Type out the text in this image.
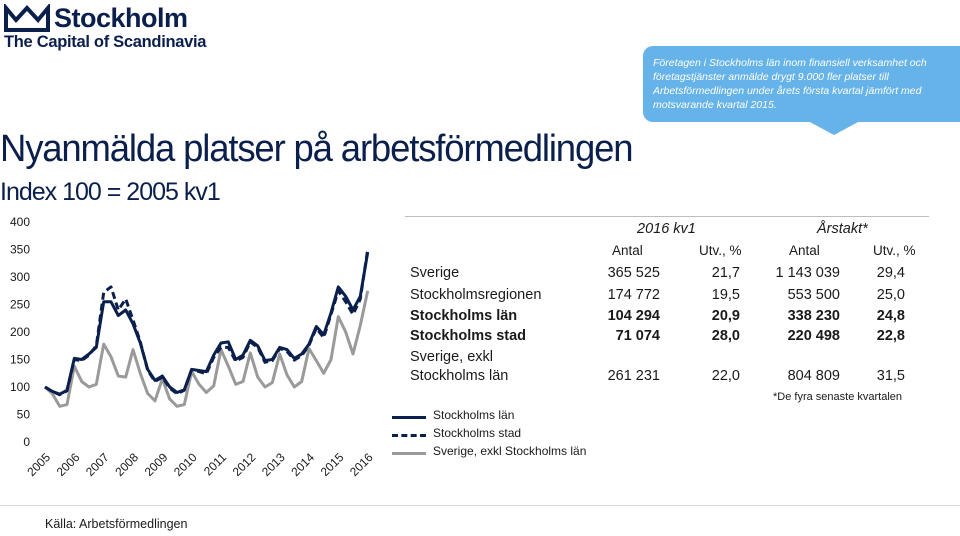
Stockholm
The Capital of Scandinavia
Företagen i Stockholms län inom finansiell verksamhet och företagstjänster anmälde drygt 9.000 fler platser till Arbetsförmedlingen under årets första kvartal jämfört med motsvarande kvartal 2015.
Nyanmälda platser på arbetsförmedlingen
Index 100 = 2005 kv1
0
50
100
150
200
250
300
350
400
2005 2006 2007 2008 2009 2010 2011 2012 2013 2014 2015 2016
Stockholms län
Stockholms stad
Sverige, exkl Stockholms län
2016 kv1	Årstakt*
Antal	Utv., %	Antal	Utv., %
Sverige	365 525	21,7	1 143 039	29,4
Stockholmsregionen	174 772	19,5	553 500	25,0
Stockholms län	104 294	20,9	338 230	24,8
Stockholms stad	71 074	28,0	220 498	22,8
Sverige, exkl
Stockholms län	261 231	22,0	804 809	31,5
*De fyra senaste kvartalen
Källa: Arbetsförmedlingen
